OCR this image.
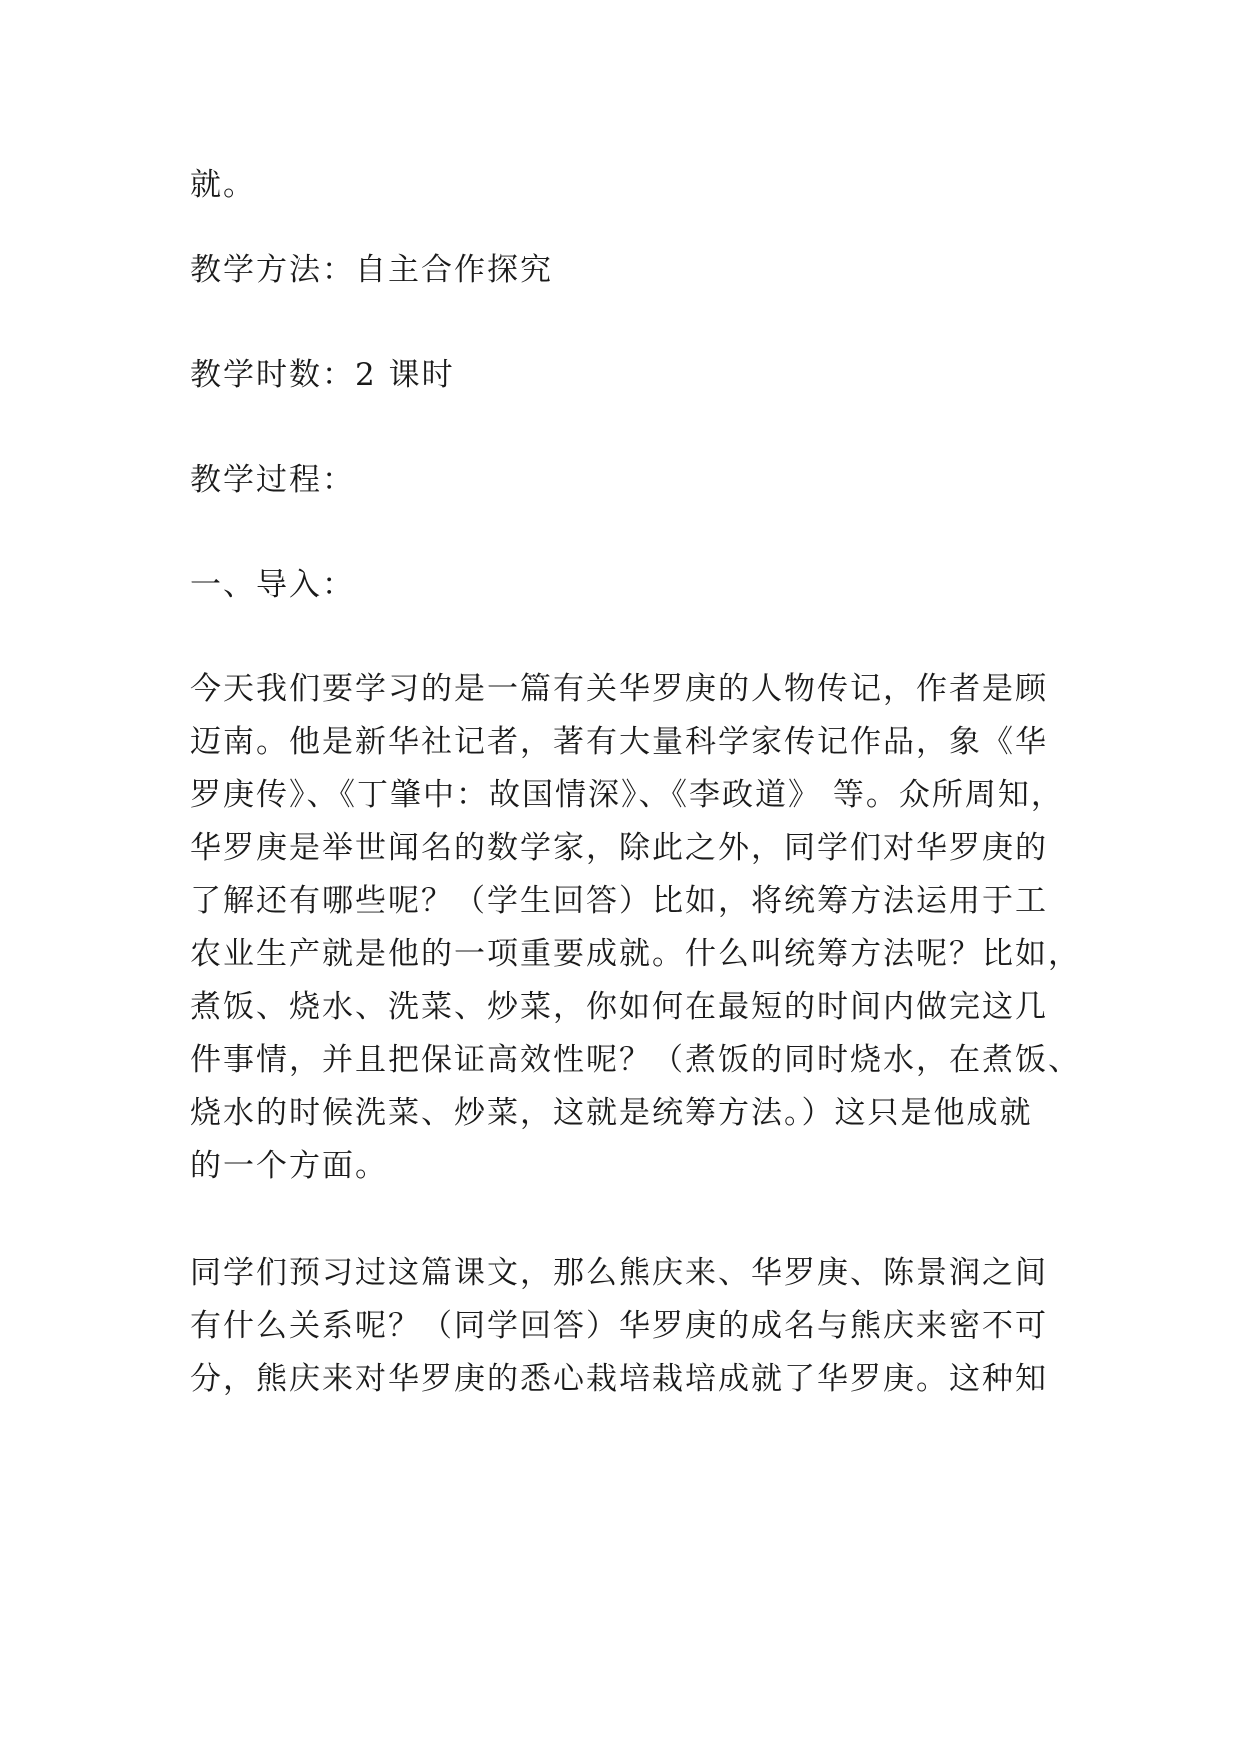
就。
教学方法：自主合作探究
教学时数：2 课时
教学过程：
一、导入：
今天我们要学习的是一篇有关华罗庚的人物传记，作者是顾
迈南。他是新华社记者，著有大量科学家传记作品，象《华
罗庚传》、《丁肇中：故国情深》、《李政道》 等。众所周知，
华罗庚是举世闻名的数学家，除此之外，同学们对华罗庚的
了解还有哪些呢？（学生回答）比如，将统筹方法运用于工
农业生产就是他的一项重要成就。什么叫统筹方法呢？比如，
煮饭、烧水、洗菜、炒菜，你如何在最短的时间内做完这几
件事情，并且把保证高效性呢？（煮饭的同时烧水，在煮饭、
烧水的时候洗菜、炒菜，这就是统筹方法。）这只是他成就
的一个方面。
同学们预习过这篇课文，那么熊庆来、华罗庚、陈景润之间
有什么关系呢？（同学回答）华罗庚的成名与熊庆来密不可
分，熊庆来对华罗庚的悉心栽培栽培成就了华罗庚。这种知
